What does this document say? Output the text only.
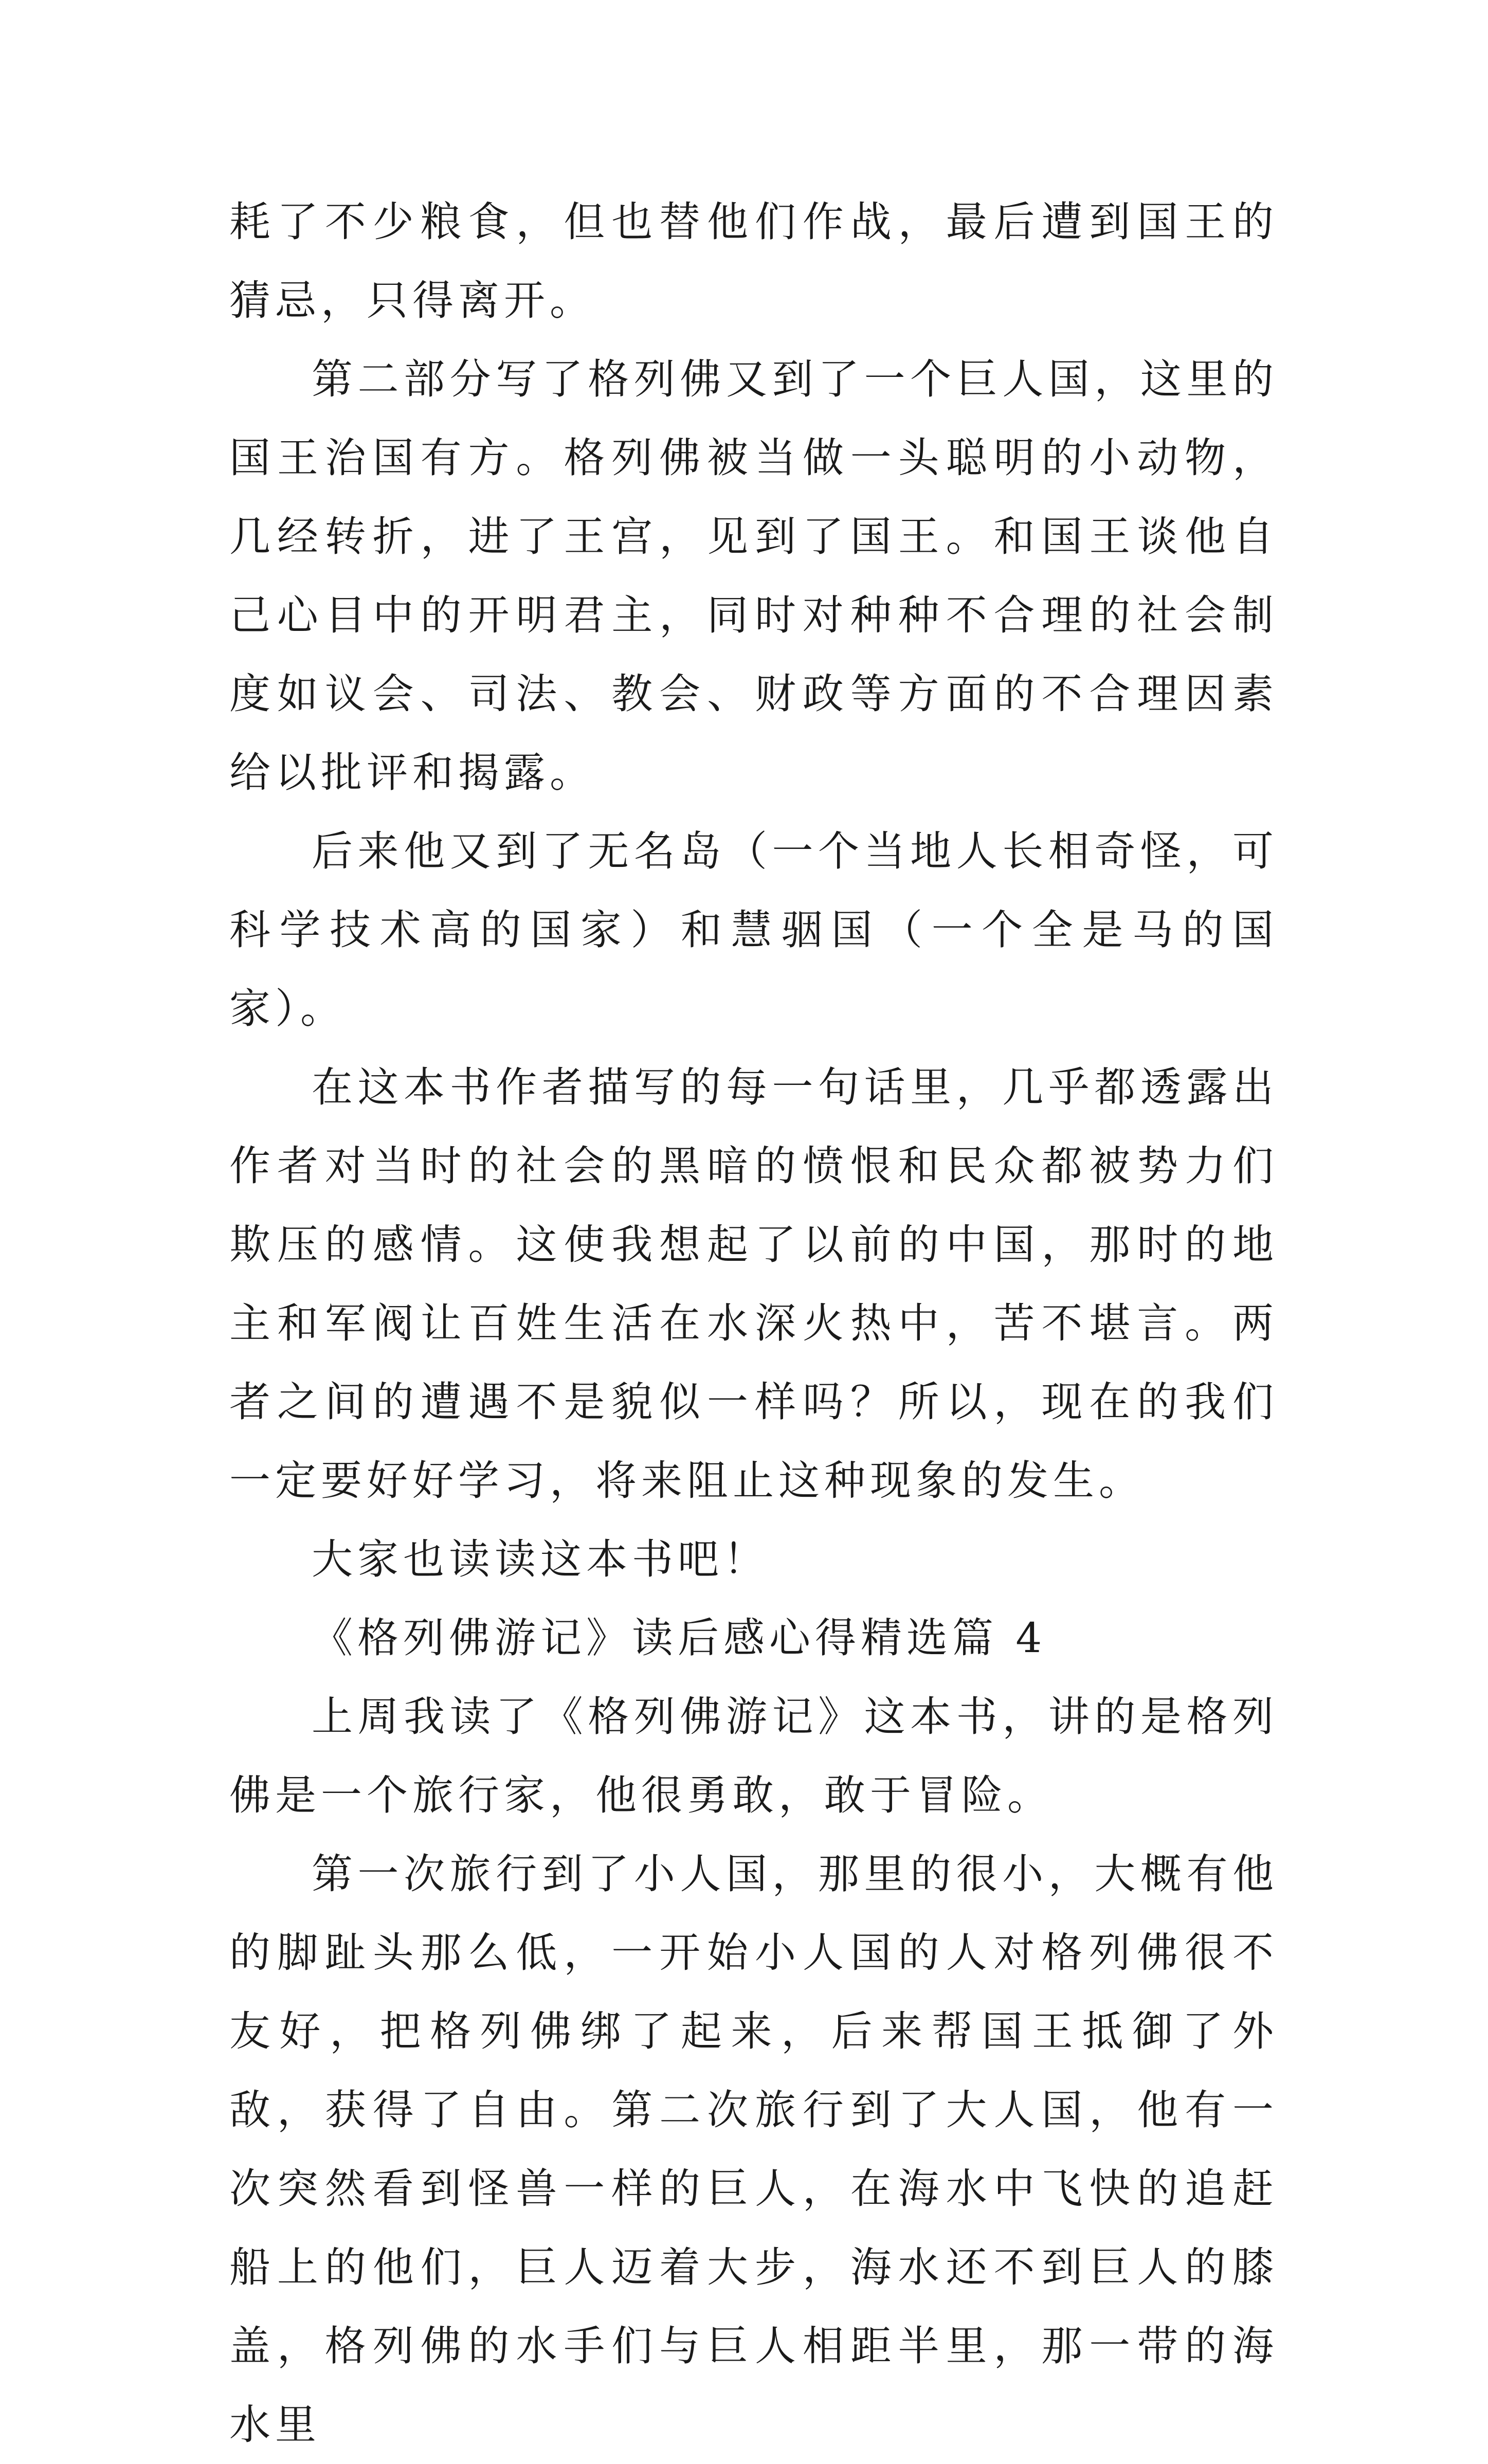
耗了不少粮食，但也替他们作战，最后遭到国王的猜忌，只得离开。

第二部分写了格列佛又到了一个巨人国，这里的国王治国有方。格列佛被当做一头聪明的小动物，几经转折，进了王宫，见到了国王。和国王谈他自己心目中的开明君主，同时对种种不合理的社会制度如议会、司法、教会、财政等方面的不合理因素给以批评和揭露。

后来他又到了无名岛（一个当地人长相奇怪，可科学技术高的国家）和慧骃国（一个全是马的国家）。

在这本书作者描写的每一句话里，几乎都透露出作者对当时的社会的黑暗的愤恨和民众都被势力们欺压的感情。这使我想起了以前的中国，那时的地主和军阀让百姓生活在水深火热中，苦不堪言。两者之间的遭遇不是貌似一样吗？所以，现在的我们一定要好好学习，将来阻止这种现象的发生。

大家也读读这本书吧！

《格列佛游记》读后感心得精选篇 4

上周我读了《格列佛游记》这本书，讲的是格列佛是一个旅行家，他很勇敢，敢于冒险。

第一次旅行到了小人国，那里的很小，大概有他的脚趾头那么低，一开始小人国的人对格列佛很不友好，把格列佛绑了起来，后来帮国王抵御了外敌，获得了自由。第二次旅行到了大人国，他有一次突然看到怪兽一样的巨人，在海水中飞快的追赶船上的他们，巨人迈着大步，海水还不到巨人的膝盖，格列佛的水手们与巨人相距半里，那一带的海水里
